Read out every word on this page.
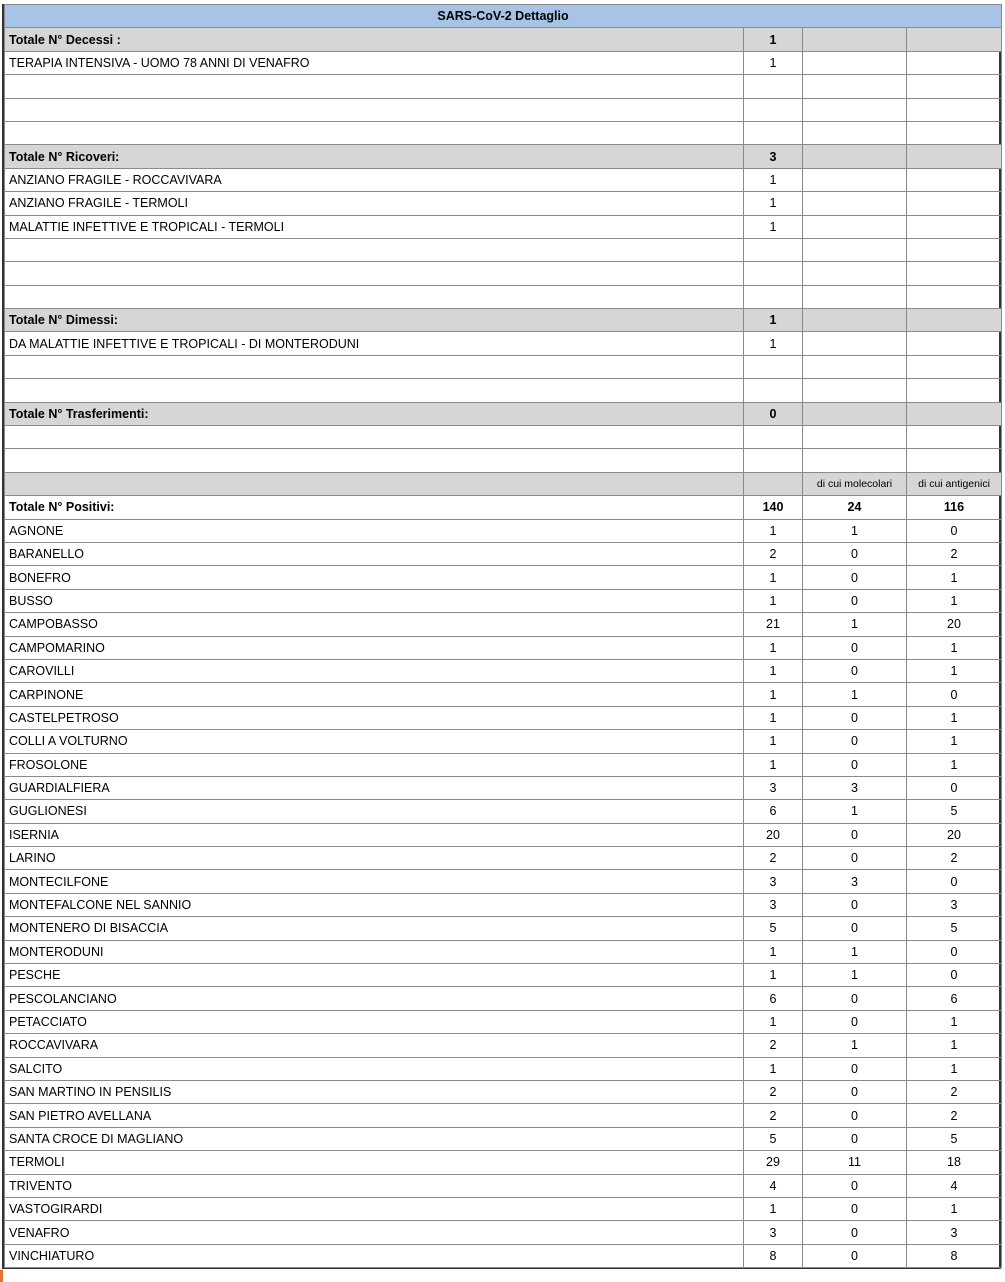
SARS-CoV-2 Dettaglio			
Totale N° Decessi :	1		
TERAPIA INTENSIVA - UOMO 78 ANNI DI VENAFRO	1		

Totale N° Ricoveri:	3		
ANZIANO FRAGILE - ROCCAVIVARA	1		
ANZIANO FRAGILE - TERMOLI	1		
MALATTIE INFETTIVE E TROPICALI - TERMOLI	1		

Totale N° Dimessi:	1		
DA MALATTIE INFETTIVE E TROPICALI - DI MONTERODUNI	1		

Totale N° Trasferimenti:	0		

		di cui molecolari	di cui antigenici
Totale N° Positivi:	140	24	116
AGNONE	1	1	0
BARANELLO	2	0	2
BONEFRO	1	0	1
BUSSO	1	0	1
CAMPOBASSO	21	1	20
CAMPOMARINO	1	0	1
CAROVILLI	1	0	1
CARPINONE	1	1	0
CASTELPETROSO	1	0	1
COLLI A VOLTURNO	1	0	1
FROSOLONE	1	0	1
GUARDIALFIERA	3	3	0
GUGLIONESI	6	1	5
ISERNIA	20	0	20
LARINO	2	0	2
MONTECILFONE	3	3	0
MONTEFALCONE NEL SANNIO	3	0	3
MONTENERO DI BISACCIA	5	0	5
MONTERODUNI	1	1	0
PESCHE	1	1	0
PESCOLANCIANO	6	0	6
PETACCIATO	1	0	1
ROCCAVIVARA	2	1	1
SALCITO	1	0	1
SAN MARTINO IN PENSILIS	2	0	2
SAN PIETRO AVELLANA	2	0	2
SANTA CROCE DI MAGLIANO	5	0	5
TERMOLI	29	11	18
TRIVENTO	4	0	4
VASTOGIRARDI	1	0	1
VENAFRO	3	0	3
VINCHIATURO	8	0	8
